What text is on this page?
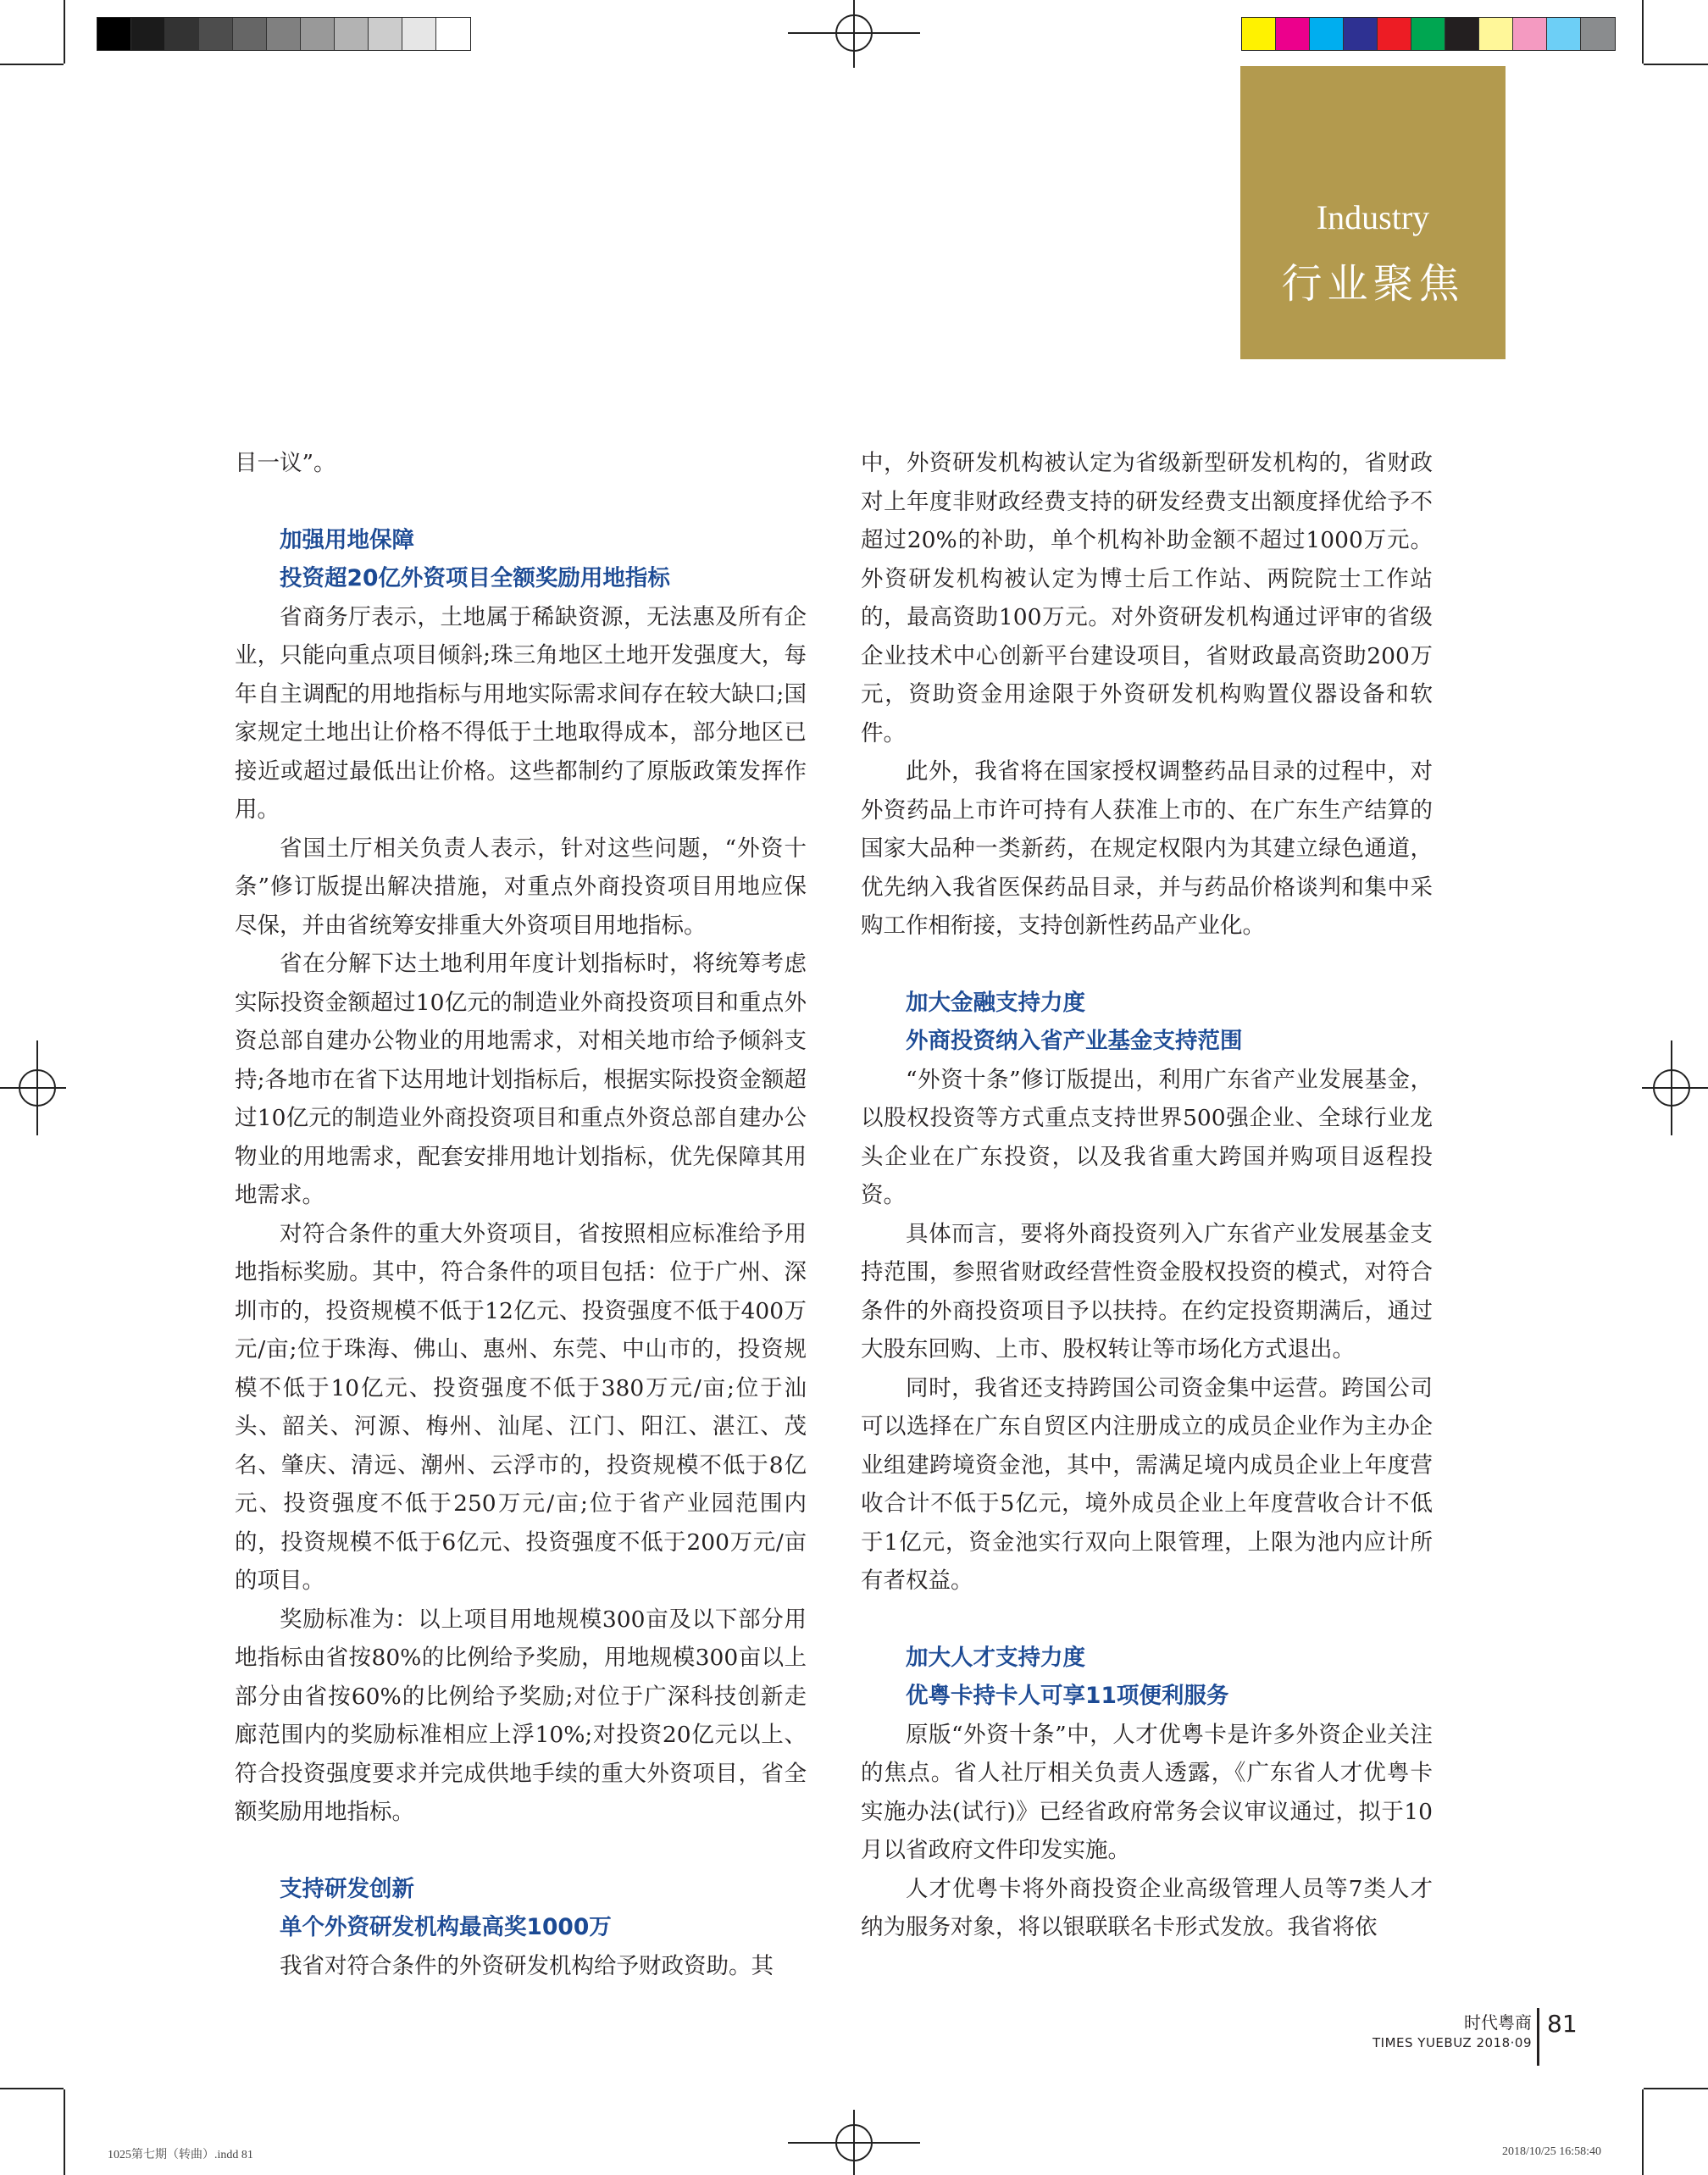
Industry
行业聚焦

目一议”。

加强用地保障
投资超20亿外资项目全额奖励用地指标

省商务厅表示，土地属于稀缺资源，无法惠及所有企业，只能向重点项目倾斜;珠三角地区土地开发强度大，每年自主调配的用地指标与用地实际需求间存在较大缺口;国家规定土地出让价格不得低于土地取得成本，部分地区已接近或超过最低出让价格。这些都制约了原版政策发挥作用。

省国土厅相关负责人表示，针对这些问题，“外资十条”修订版提出解决措施，对重点外商投资项目用地应保尽保，并由省统筹安排重大外资项目用地指标。

省在分解下达土地利用年度计划指标时，将统筹考虑实际投资金额超过10亿元的制造业外商投资项目和重点外资总部自建办公物业的用地需求，对相关地市给予倾斜支持;各地市在省下达用地计划指标后，根据实际投资金额超过10亿元的制造业外商投资项目和重点外资总部自建办公物业的用地需求，配套安排用地计划指标，优先保障其用地需求。

对符合条件的重大外资项目，省按照相应标准给予用地指标奖励。其中，符合条件的项目包括：位于广州、深圳市的，投资规模不低于12亿元、投资强度不低于400万元/亩;位于珠海、佛山、惠州、东莞、中山市的，投资规模不低于10亿元、投资强度不低于380万元/亩;位于汕头、韶关、河源、梅州、汕尾、江门、阳江、湛江、茂名、肇庆、清远、潮州、云浮市的，投资规模不低于8亿元、投资强度不低于250万元/亩;位于省产业园范围内的，投资规模不低于6亿元、投资强度不低于200万元/亩的项目。

奖励标准为：以上项目用地规模300亩及以下部分用地指标由省按80%的比例给予奖励，用地规模300亩以上部分由省按60%的比例给予奖励;对位于广深科技创新走廊范围内的奖励标准相应上浮10%;对投资20亿元以上、符合投资强度要求并完成供地手续的重大外资项目，省全额奖励用地指标。

支持研发创新
单个外资研发机构最高奖1000万

我省对符合条件的外资研发机构给予财政资助。其

中，外资研发机构被认定为省级新型研发机构的，省财政对上年度非财政经费支持的研发经费支出额度择优给予不超过20%的补助，单个机构补助金额不超过1000万元。外资研发机构被认定为博士后工作站、两院院士工作站的，最高资助100万元。对外资研发机构通过评审的省级企业技术中心创新平台建设项目，省财政最高资助200万元，资助资金用途限于外资研发机构购置仪器设备和软件。

此外，我省将在国家授权调整药品目录的过程中，对外资药品上市许可持有人获准上市的、在广东生产结算的国家大品种一类新药，在规定权限内为其建立绿色通道，优先纳入我省医保药品目录，并与药品价格谈判和集中采购工作相衔接，支持创新性药品产业化。

加大金融支持力度
外商投资纳入省产业基金支持范围

“外资十条”修订版提出，利用广东省产业发展基金，以股权投资等方式重点支持世界500强企业、全球行业龙头企业在广东投资，以及我省重大跨国并购项目返程投资。

具体而言，要将外商投资列入广东省产业发展基金支持范围，参照省财政经营性资金股权投资的模式，对符合条件的外商投资项目予以扶持。在约定投资期满后，通过大股东回购、上市、股权转让等市场化方式退出。

同时，我省还支持跨国公司资金集中运营。跨国公司可以选择在广东自贸区内注册成立的成员企业作为主办企业组建跨境资金池，其中，需满足境内成员企业上年度营收合计不低于5亿元，境外成员企业上年度营收合计不低于1亿元，资金池实行双向上限管理，上限为池内应计所有者权益。

加大人才支持力度
优粤卡持卡人可享11项便利服务

原版“外资十条”中，人才优粤卡是许多外资企业关注的焦点。省人社厅相关负责人透露，《广东省人才优粤卡实施办法(试行)》已经省政府常务会议审议通过，拟于10月以省政府文件印发实施。

人才优粤卡将外商投资企业高级管理人员等7类人才纳为服务对象，将以银联联名卡形式发放。我省将依

时代粤商
TIMES YUEBUZ 2018·09
81
1025第七期（转曲）.indd 81	2018/10/25 16:58:40
